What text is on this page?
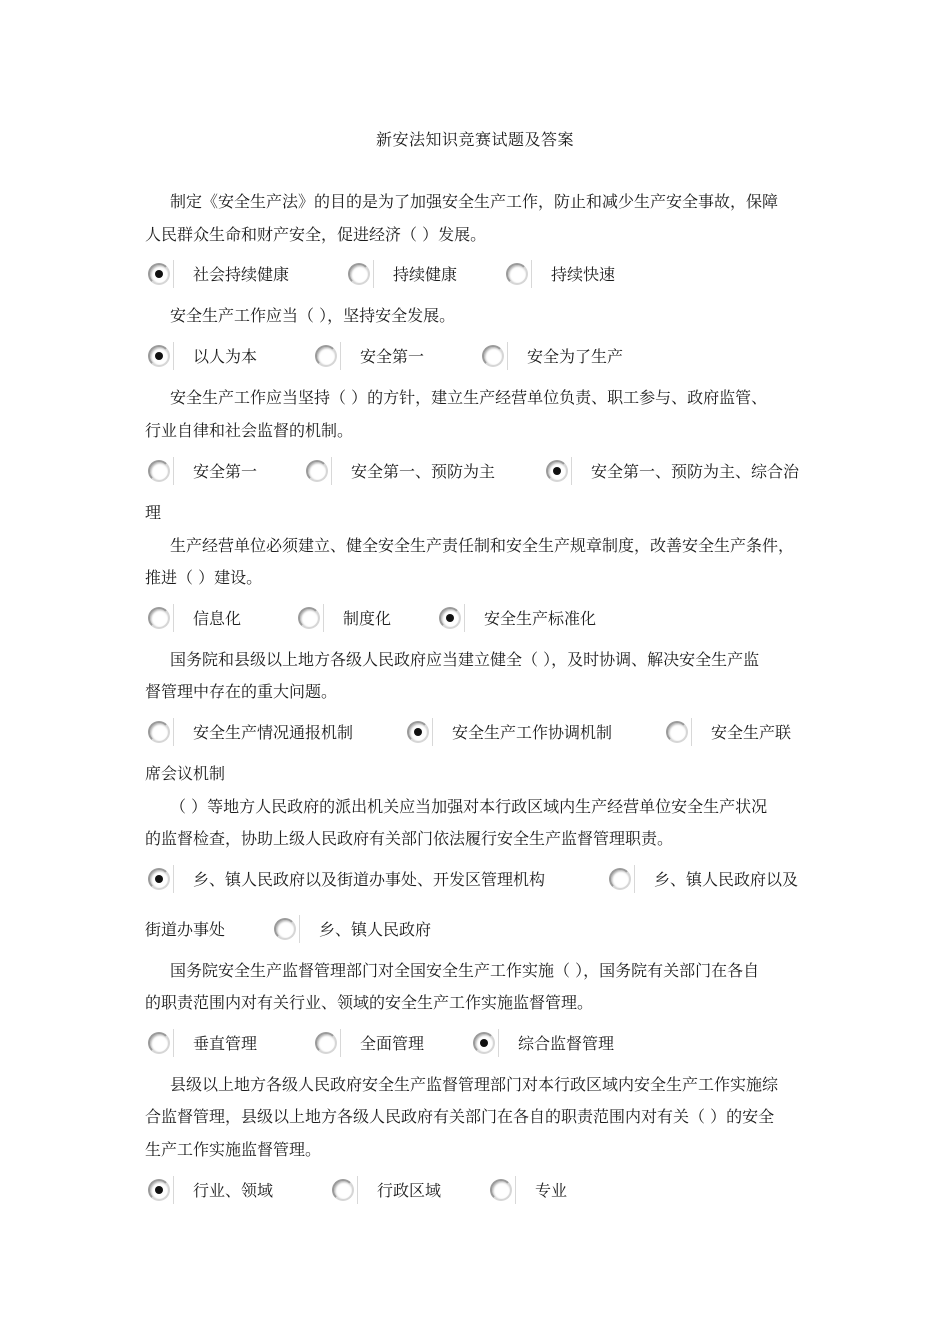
新安法知识竞赛试题及答案
制定《安全生产法》的目的是为了加强安全生产工作，防止和减少生产安全事故，保障
人民群众生命和财产安全，促进经济（ ）发展。
社会持续健康	持续健康	持续快速
安全生产工作应当（ ），坚持安全发展。
以人为本	安全第一	安全为了生产
安全生产工作应当坚持（ ）的方针，建立生产经营单位负责、职工参与、政府监管、
行业自律和社会监督的机制。
安全第一	安全第一、预防为主	安全第一、预防为主、综合治
理
生产经营单位必须建立、健全安全生产责任制和安全生产规章制度，改善安全生产条件，
推进（ ）建设。
信息化	制度化	安全生产标准化
国务院和县级以上地方各级人民政府应当建立健全（ ），及时协调、解决安全生产监
督管理中存在的重大问题。
安全生产情况通报机制	安全生产工作协调机制	安全生产联
席会议机制
（ ）等地方人民政府的派出机关应当加强对本行政区域内生产经营单位安全生产状况
的监督检查，协助上级人民政府有关部门依法履行安全生产监督管理职责。
乡、镇人民政府以及街道办事处、开发区管理机构	乡、镇人民政府以及
街道办事处	乡、镇人民政府
国务院安全生产监督管理部门对全国安全生产工作实施（ ），国务院有关部门在各自
的职责范围内对有关行业、领域的安全生产工作实施监督管理。
垂直管理	全面管理	综合监督管理
县级以上地方各级人民政府安全生产监督管理部门对本行政区域内安全生产工作实施综
合监督管理，县级以上地方各级人民政府有关部门在各自的职责范围内对有关（ ）的安全
生产工作实施监督管理。
行业、领域	行政区域	专业
